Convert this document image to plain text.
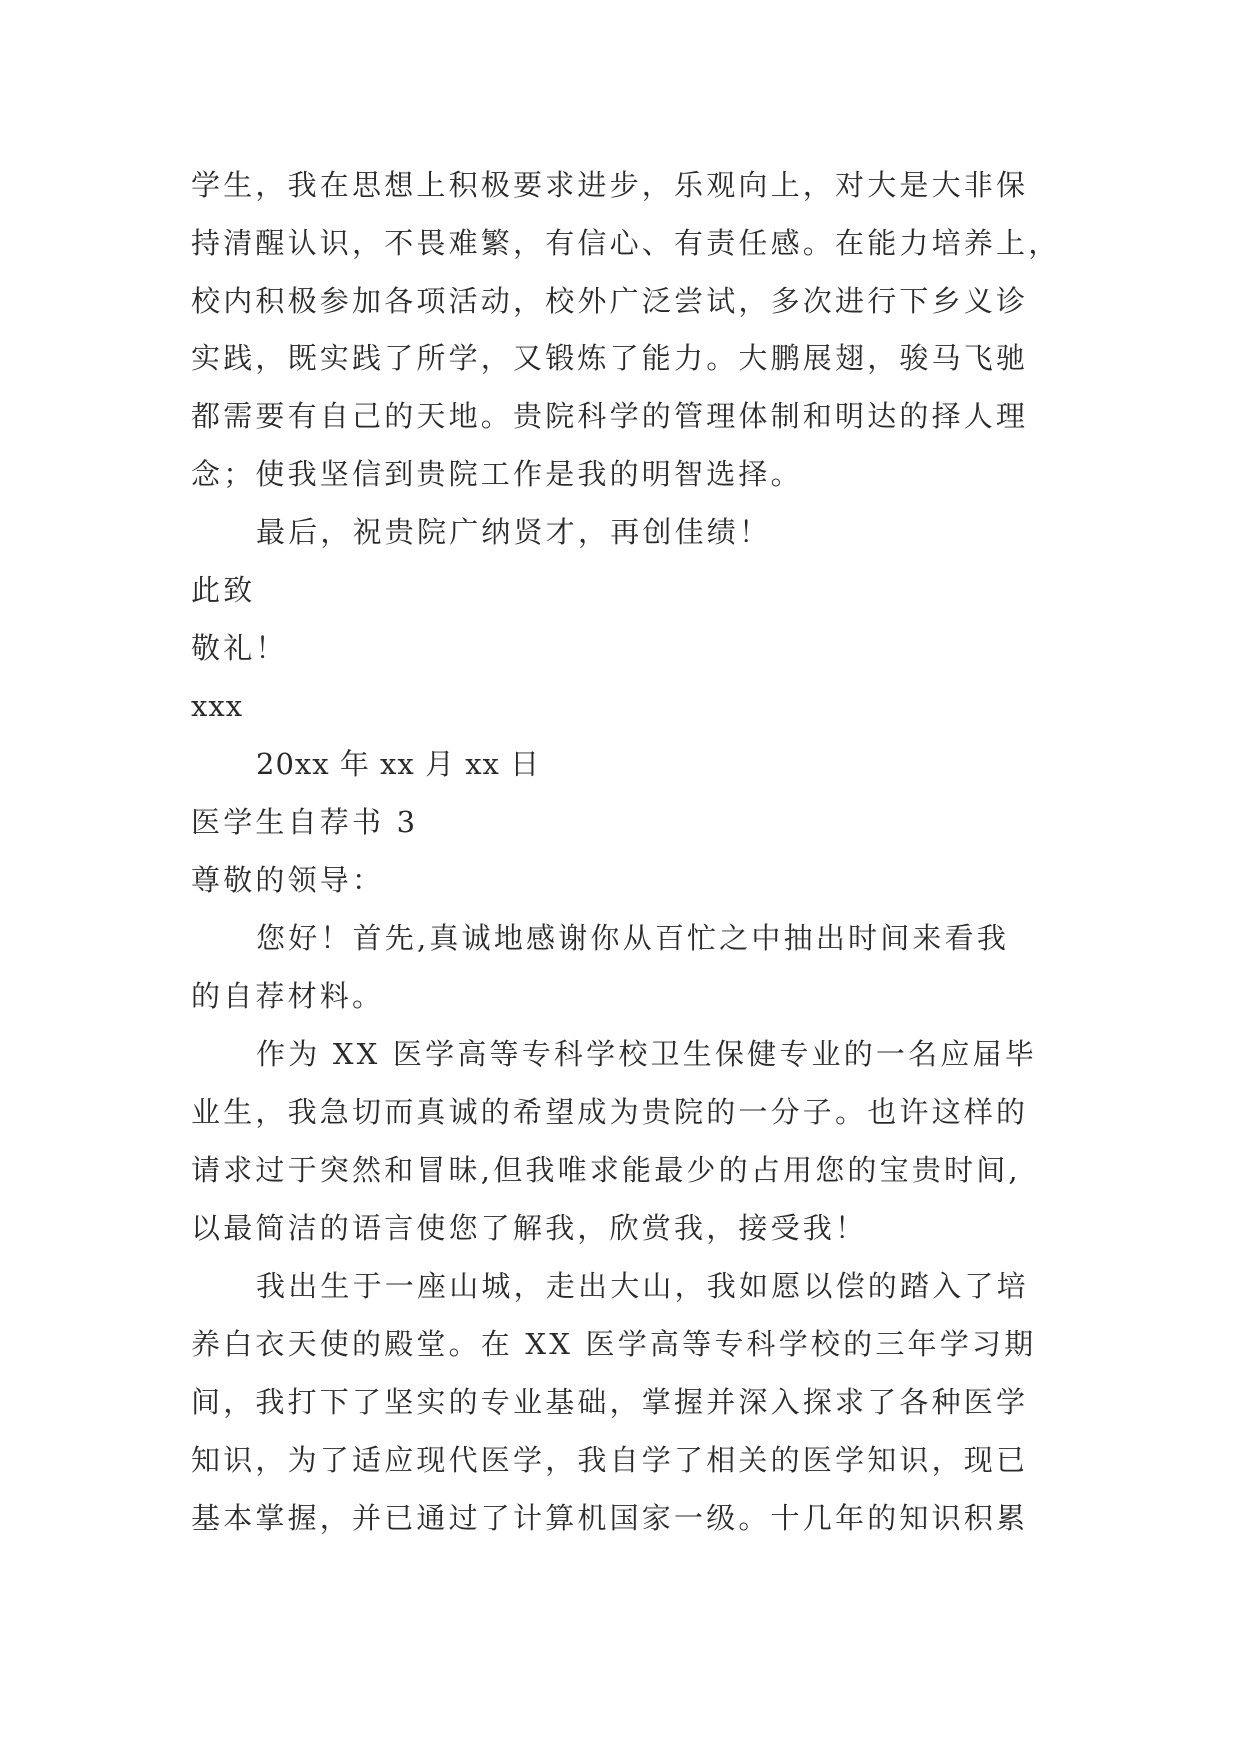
学生，我在思想上积极要求进步，乐观向上，对大是大非保
持清醒认识，不畏难繁，有信心、有责任感。在能力培养上，
校内积极参加各项活动，校外广泛尝试，多次进行下乡义诊
实践，既实践了所学，又锻炼了能力。大鹏展翅，骏马飞驰
都需要有自己的天地。贵院科学的管理体制和明达的择人理
念；使我坚信到贵院工作是我的明智选择。
最后，祝贵院广纳贤才，再创佳绩！
此致
敬礼！
xxx
20xx 年 xx 月 xx 日
医学生自荐书 3
尊敬的领导：
您好！首先,真诚地感谢你从百忙之中抽出时间来看我
的自荐材料。
作为 XX 医学高等专科学校卫生保健专业的一名应届毕
业生，我急切而真诚的希望成为贵院的一分子。也许这样的
请求过于突然和冒昧,但我唯求能最少的占用您的宝贵时间,
以最简洁的语言使您了解我，欣赏我，接受我！
我出生于一座山城，走出大山，我如愿以偿的踏入了培
养白衣天使的殿堂。在 XX 医学高等专科学校的三年学习期
间，我打下了坚实的专业基础，掌握并深入探求了各种医学
知识，为了适应现代医学，我自学了相关的医学知识，现已
基本掌握，并已通过了计算机国家一级。十几年的知识积累
